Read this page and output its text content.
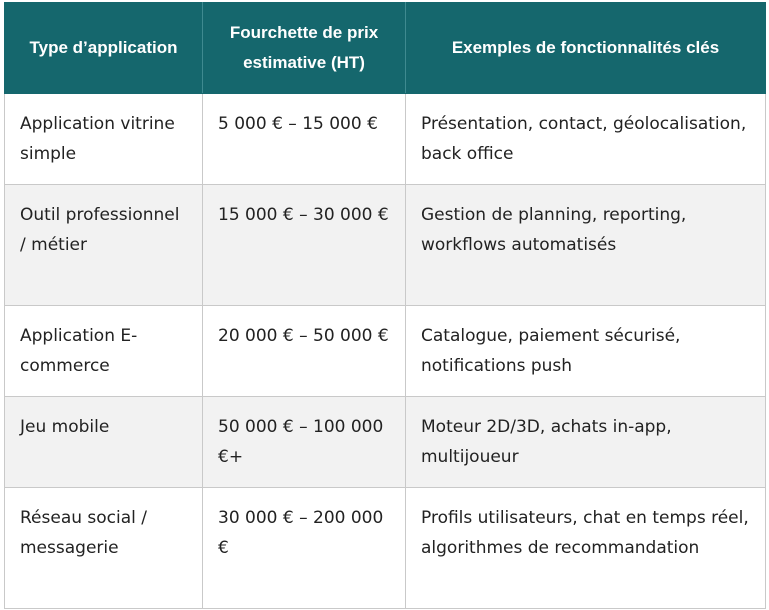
Type d’application	Fourchette de prix estimative (HT)	Exemples de fonctionnalités clés
Application vitrine simple	5 000 € – 15 000 €	Présentation, contact, géolocalisation, back office
Outil professionnel / métier	15 000 € – 30 000 €	Gestion de planning, reporting, workflows automatisés
Application E-commerce	20 000 € – 50 000 €	Catalogue, paiement sécurisé, notifications push
Jeu mobile	50 000 € – 100 000 €+	Moteur 2D/3D, achats in-app, multijoueur
Réseau social / messagerie	30 000 € – 200 000 €	Profils utilisateurs, chat en temps réel, algorithmes de recommandation
